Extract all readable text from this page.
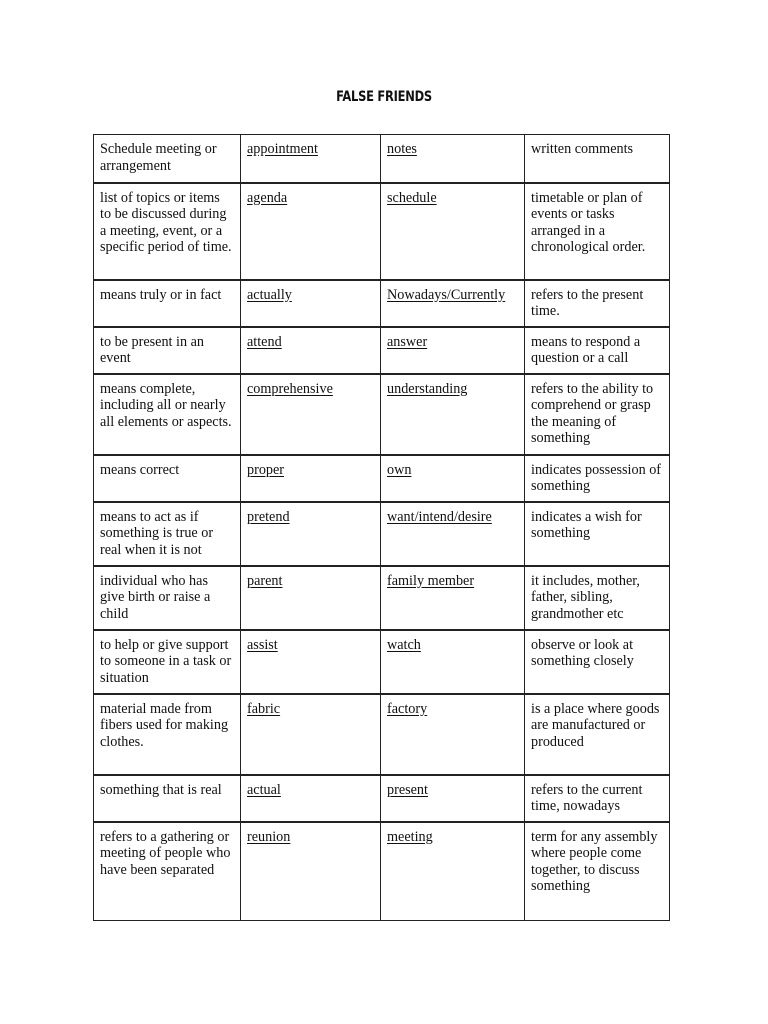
FALSE FRIENDS
Schedule meeting or arrangement	appointment	notes	written comments
list of topics or items to be discussed during a meeting, event, or a specific period of time.	agenda	schedule	timetable or plan of events or tasks arranged in a chronological order.
means truly or in fact	actually	Nowadays/Currently	refers to the present time.
to be present in an event	attend	answer	means to respond a question or a call
means complete, including all or nearly all elements or aspects.	comprehensive	understanding	refers to the ability to comprehend or grasp the meaning of something
means correct	proper	own	indicates possession of something
means to act as if something is true or real when it is not	pretend	want/intend/desire	indicates a wish for something
individual who has give birth or raise a child	parent	family member	it includes, mother, father, sibling, grandmother etc
to help or give support to someone in a task or situation	assist	watch	observe or look at something closely
material made from fibers used for making clothes.	fabric	factory	is a place where goods are manufactured or produced
something that is real	actual	present	refers to the current time, nowadays
refers to a gathering or meeting of people who have been separated	reunion	meeting	term for any assembly where people come together, to discuss something
